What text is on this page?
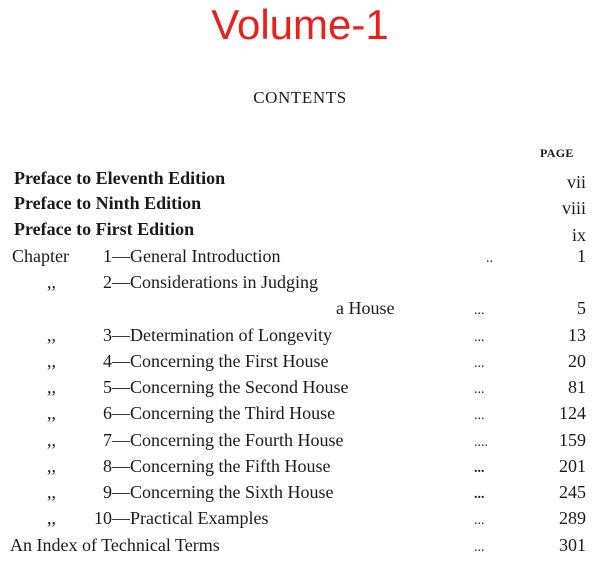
Volume-1
CONTENTS
PAGE
Preface to Eleventh Edition	vii
Preface to Ninth Edition	viii
Preface to First Edition	ix
Chapter	1 —General Introduction	..	1
,,	2 —Considerations in Judging
a House	...	5
,,	3 —Determination of Longevity	...	13
,,	4 —Concerning the First House	...	20
,,	5 —Concerning the Second House	...	81
,,	6 —Concerning the Third House	...	124
,,	7 —Concerning the Fourth House	....	159
,,	8 —Concerning the Fifth House	...	201
,,	9 —Concerning the Sixth House	...	245
,,	10 —Practical Examples	...	289
An Index of Technical Terms	...	301
